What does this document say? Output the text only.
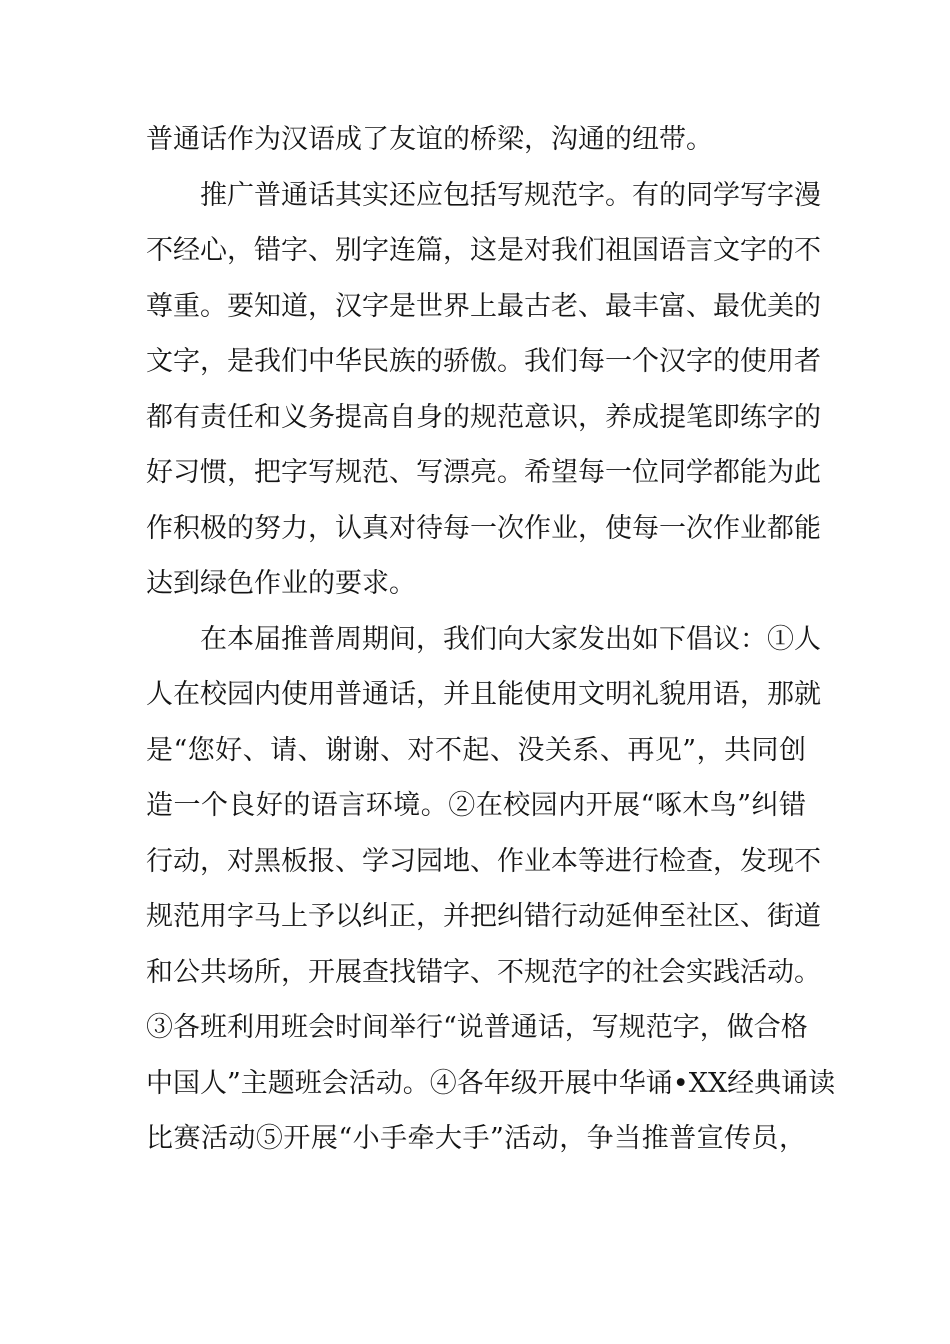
普通话作为汉语成了友谊的桥梁，沟通的纽带。
推广普通话其实还应包括写规范字。有的同学写字漫
不经心，错字、别字连篇，这是对我们祖国语言文字的不
尊重。要知道，汉字是世界上最古老、最丰富、最优美的
文字，是我们中华民族的骄傲。我们每一个汉字的使用者
都有责任和义务提高自身的规范意识，养成提笔即练字的
好习惯，把字写规范、写漂亮。希望每一位同学都能为此
作积极的努力，认真对待每一次作业，使每一次作业都能
达到绿色作业的要求。
在本届推普周期间，我们向大家发出如下倡议：①人
人在校园内使用普通话，并且能使用文明礼貌用语，那就
是“您好、请、谢谢、对不起、没关系、再见”，共同创
造一个良好的语言环境。②在校园内开展“啄木鸟”纠错
行动，对黑板报、学习园地、作业本等进行检查，发现不
规范用字马上予以纠正，并把纠错行动延伸至社区、街道
和公共场所，开展查找错字、不规范字的社会实践活动。
③各班利用班会时间举行“说普通话，写规范字，做合格
中国人”主题班会活动。④各年级开展中华诵•XX经典诵读
比赛活动⑤开展“小手牵大手”活动，争当推普宣传员，
